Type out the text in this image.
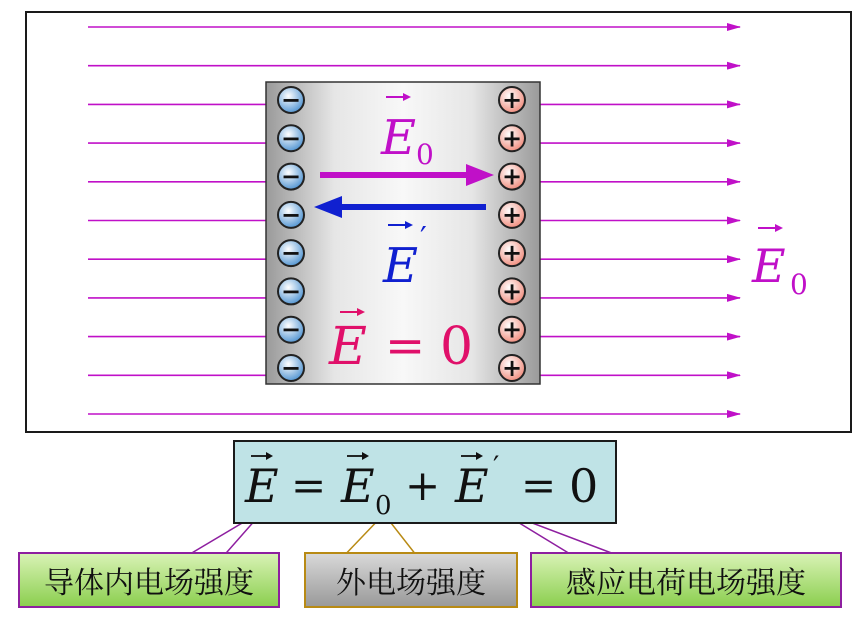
−
−
−
−
−
−
−
−
+
+
+
+
+
+
+
+
E 0
E ′
E = 0
E 0
E = E 0 + E ′ = 0
导体内电场强度	外电场强度	感应电荷电场强度
